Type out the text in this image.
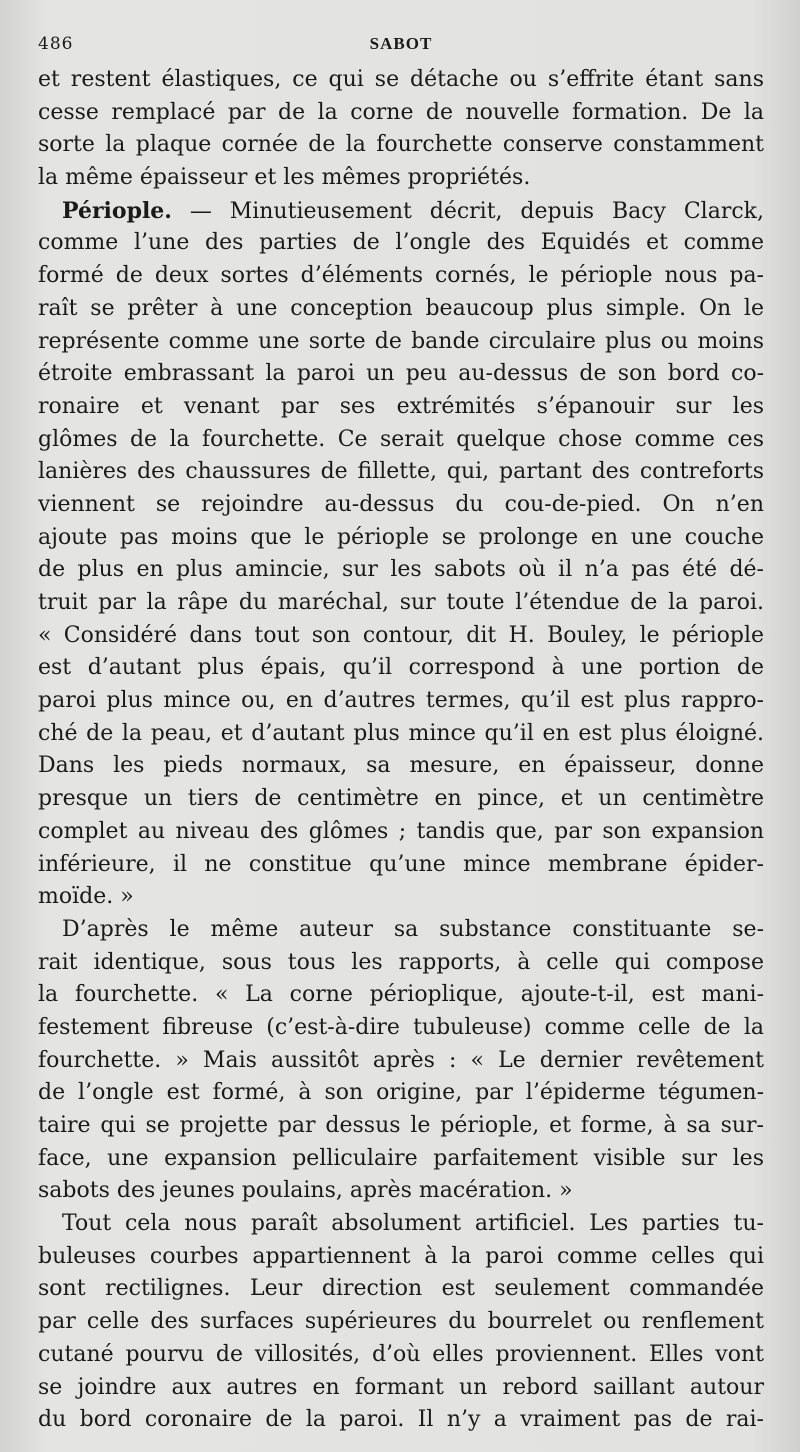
486	SABOT
et restent élastiques, ce qui se détache ou s’effrite étant sans
cesse remplacé par de la corne de nouvelle formation. De la
sorte la plaque cornée de la fourchette conserve constamment
la même épaisseur et les mêmes propriétés.
Périople. — Minutieusement décrit, depuis Bacy Clarck,
comme l’une des parties de l’ongle des Equidés et comme
formé de deux sortes d’éléments cornés, le périople nous pa-
raît se prêter à une conception beaucoup plus simple. On le
représente comme une sorte de bande circulaire plus ou moins
étroite embrassant la paroi un peu au-dessus de son bord co-
ronaire et venant par ses extrémités s’épanouir sur les
glômes de la fourchette. Ce serait quelque chose comme ces
lanières des chaussures de fillette, qui, partant des contreforts
viennent se rejoindre au-dessus du cou-de-pied. On n’en
ajoute pas moins que le périople se prolonge en une couche
de plus en plus amincie, sur les sabots où il n’a pas été dé-
truit par la râpe du maréchal, sur toute l’étendue de la paroi.
« Considéré dans tout son contour, dit H. Bouley, le périople
est d’autant plus épais, qu’il correspond à une portion de
paroi plus mince ou, en d’autres termes, qu’il est plus rappro-
ché de la peau, et d’autant plus mince qu’il en est plus éloigné.
Dans les pieds normaux, sa mesure, en épaisseur, donne
presque un tiers de centimètre en pince, et un centimètre
complet au niveau des glômes ; tandis que, par son expansion
inférieure, il ne constitue qu’une mince membrane épider-
moïde. »
D’après le même auteur sa substance constituante se-
rait identique, sous tous les rapports, à celle qui compose
la fourchette. « La corne périoplique, ajoute-t-il, est mani-
festement fibreuse (c’est-à-dire tubuleuse) comme celle de la
fourchette. » Mais aussitôt après : « Le dernier revêtement
de l’ongle est formé, à son origine, par l’épiderme tégumen-
taire qui se projette par dessus le périople, et forme, à sa sur-
face, une expansion pelliculaire parfaitement visible sur les
sabots des jeunes poulains, après macération. »
Tout cela nous paraît absolument artificiel. Les parties tu-
buleuses courbes appartiennent à la paroi comme celles qui
sont rectilignes. Leur direction est seulement commandée
par celle des surfaces supérieures du bourrelet ou renflement
cutané pourvu de villosités, d’où elles proviennent. Elles vont
se joindre aux autres en formant un rebord saillant autour
du bord coronaire de la paroi. Il n’y a vraiment pas de rai-
